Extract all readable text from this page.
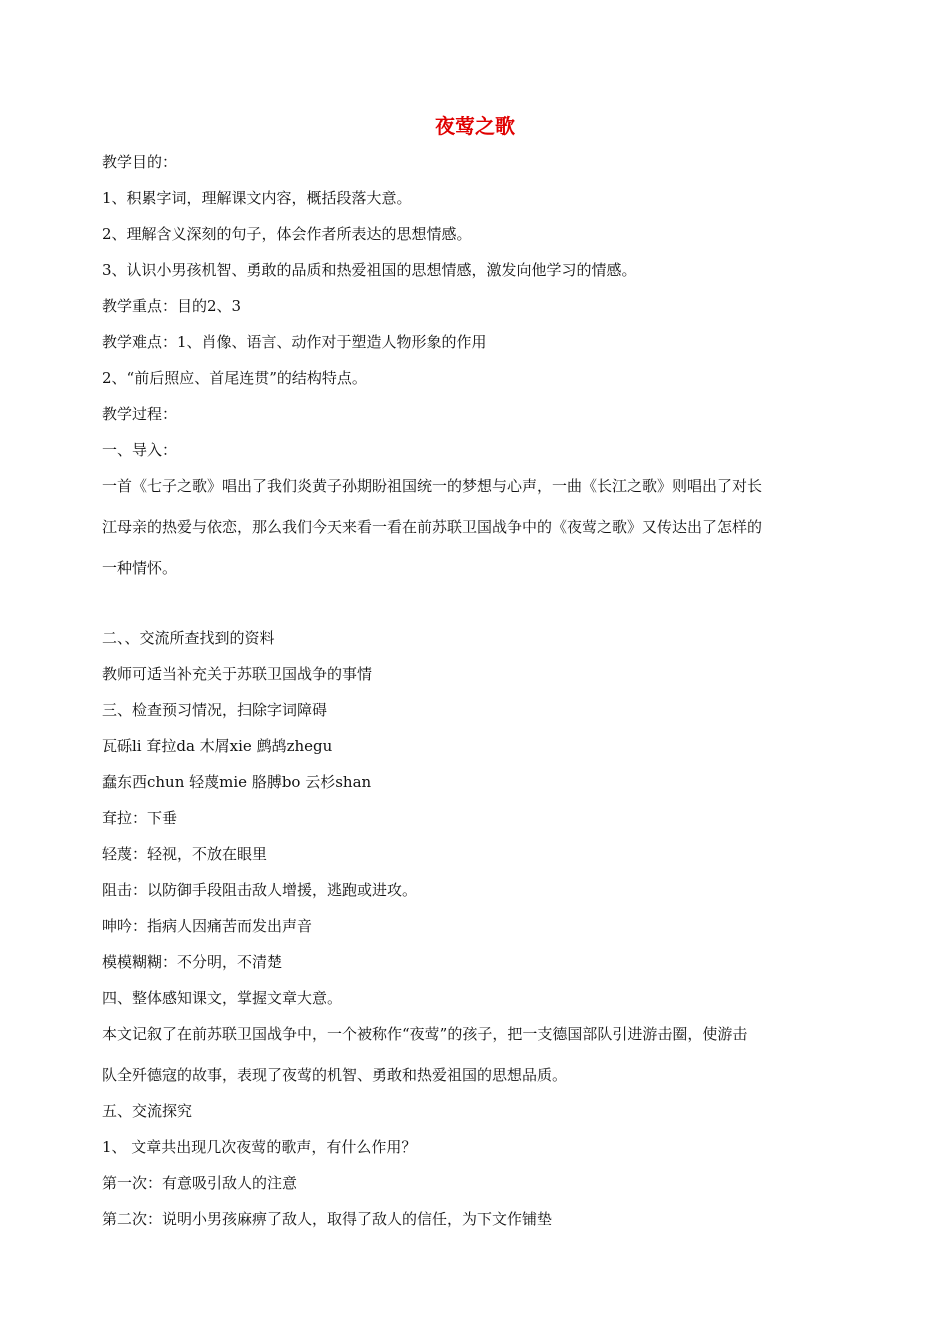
夜莺之歌
教学目的：
1、积累字词，理解课文内容，概括段落大意。
2、理解含义深刻的句子，体会作者所表达的思想情感。
3、认识小男孩机智、勇敢的品质和热爱祖国的思想情感，激发向他学习的情感。
教学重点：目的2、3
教学难点：1、肖像、语言、动作对于塑造人物形象的作用
2、“前后照应、首尾连贯”的结构特点。
教学过程：
一、导入：
一首《七子之歌》唱出了我们炎黄子孙期盼祖国统一的梦想与心声，一曲《长江之歌》则唱出了对长
江母亲的热爱与依恋，那么我们今天来看一看在前苏联卫国战争中的《夜莺之歌》又传达出了怎样的
一种情怀。
二、、交流所查找到的资料
教师可适当补充关于苏联卫国战争的事情
三、检查预习情况，扫除字词障碍
瓦砾li 耷拉da 木屑xie 鹧鸪zhegu
蠢东西chun 轻蔑mie 胳膊bo 云杉shan
耷拉：下垂
轻蔑：轻视，不放在眼里
阻击：以防御手段阻击敌人增援，逃跑或进攻。
呻吟：指病人因痛苦而发出声音
模模糊糊：不分明，不清楚
四、整体感知课文，掌握文章大意。
本文记叙了在前苏联卫国战争中，一个被称作“夜莺”的孩子，把一支德国部队引进游击圈，使游击
队全歼德寇的故事，表现了夜莺的机智、勇敢和热爱祖国的思想品质。
五、交流探究
1、 文章共出现几次夜莺的歌声，有什么作用？
第一次：有意吸引敌人的注意
第二次：说明小男孩麻痹了敌人，取得了敌人的信任，为下文作铺垫
